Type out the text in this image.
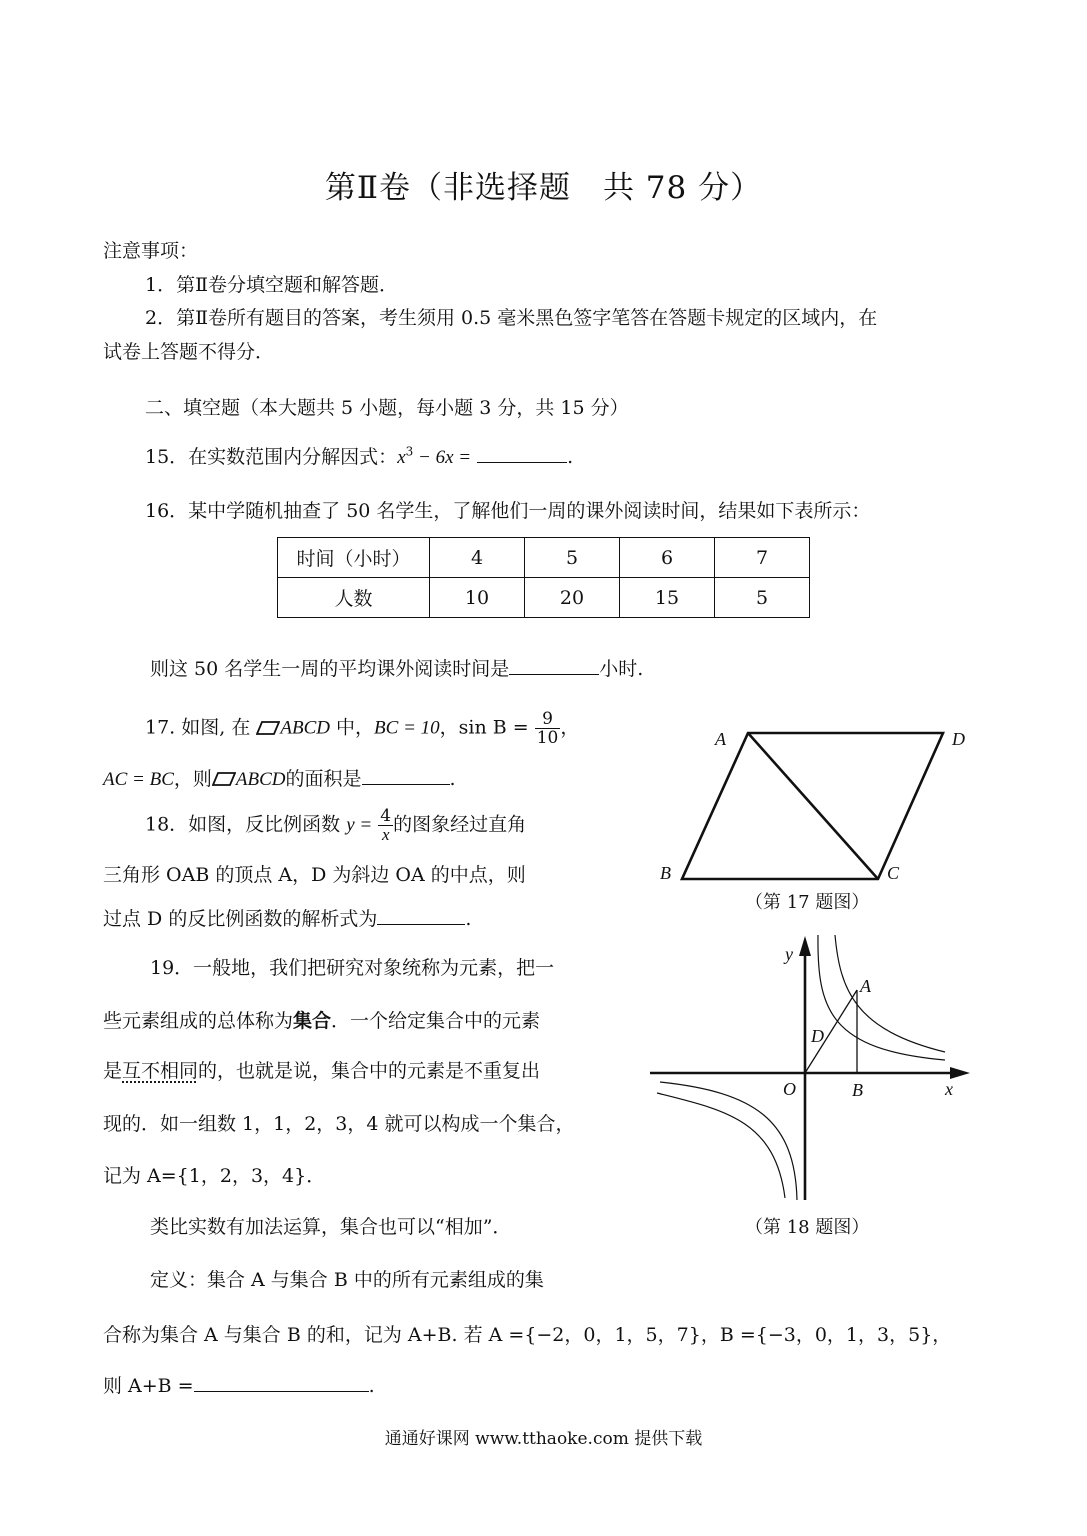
第Ⅱ卷（非选择题　共 78 分）
注意事项：
1．第Ⅱ卷分填空题和解答题．
2．第Ⅱ卷所有题目的答案，考生须用 0.5 毫米黑色签字笔答在答题卡规定的区域内，在
试卷上答题不得分．
二、填空题（本大题共 5 小题，每小题 3 分，共 15 分）
15．在实数范围内分解因式：$x^3 - 6x$ =	.
16．某中学随机抽查了 50 名学生，了解他们一周的课外阅读时间，结果如下表所示：
时间（小时）	4	5	6	7
人数	10	20	15	5
则这 50 名学生一周的平均课外阅读时间是	小时.
17. 如图, 在 ABCD 中，BC = 10，$\sin B = \frac{9}{10}$ ，
AC = BC，则 ABCD的面积是	.
18．如图，反比例函数 $y = \frac{4}{x}$ 的图象经过直角
三角形 OAB 的顶点 A，D 为斜边 OA 的中点，则
过点 D 的反比例函数的解析式为	.
19．一般地，我们把研究对象统称为元素，把一
些元素组成的总体称为集合．一个给定集合中的元素
是互不相同的，也就是说，集合中的元素是不重复出
现的．如一组数 1，1，2，3，4 就可以构成一个集合，
记为 A={1，2，3，4}．
类比实数有加法运算，集合也可以“相加”．
定义：集合 A 与集合 B 中的所有元素组成的集
合称为集合 A 与集合 B 的和，记为 A+B. 若 A ={−2，0，1，5，7}，B ={−3，0，1，3，5}，
则 A+B =	.
A	D
B	C
（第 17 题图）
y
A
D
O	B	x
（第 18 题图）
通通好课网 www.tthaoke.com 提供下载
